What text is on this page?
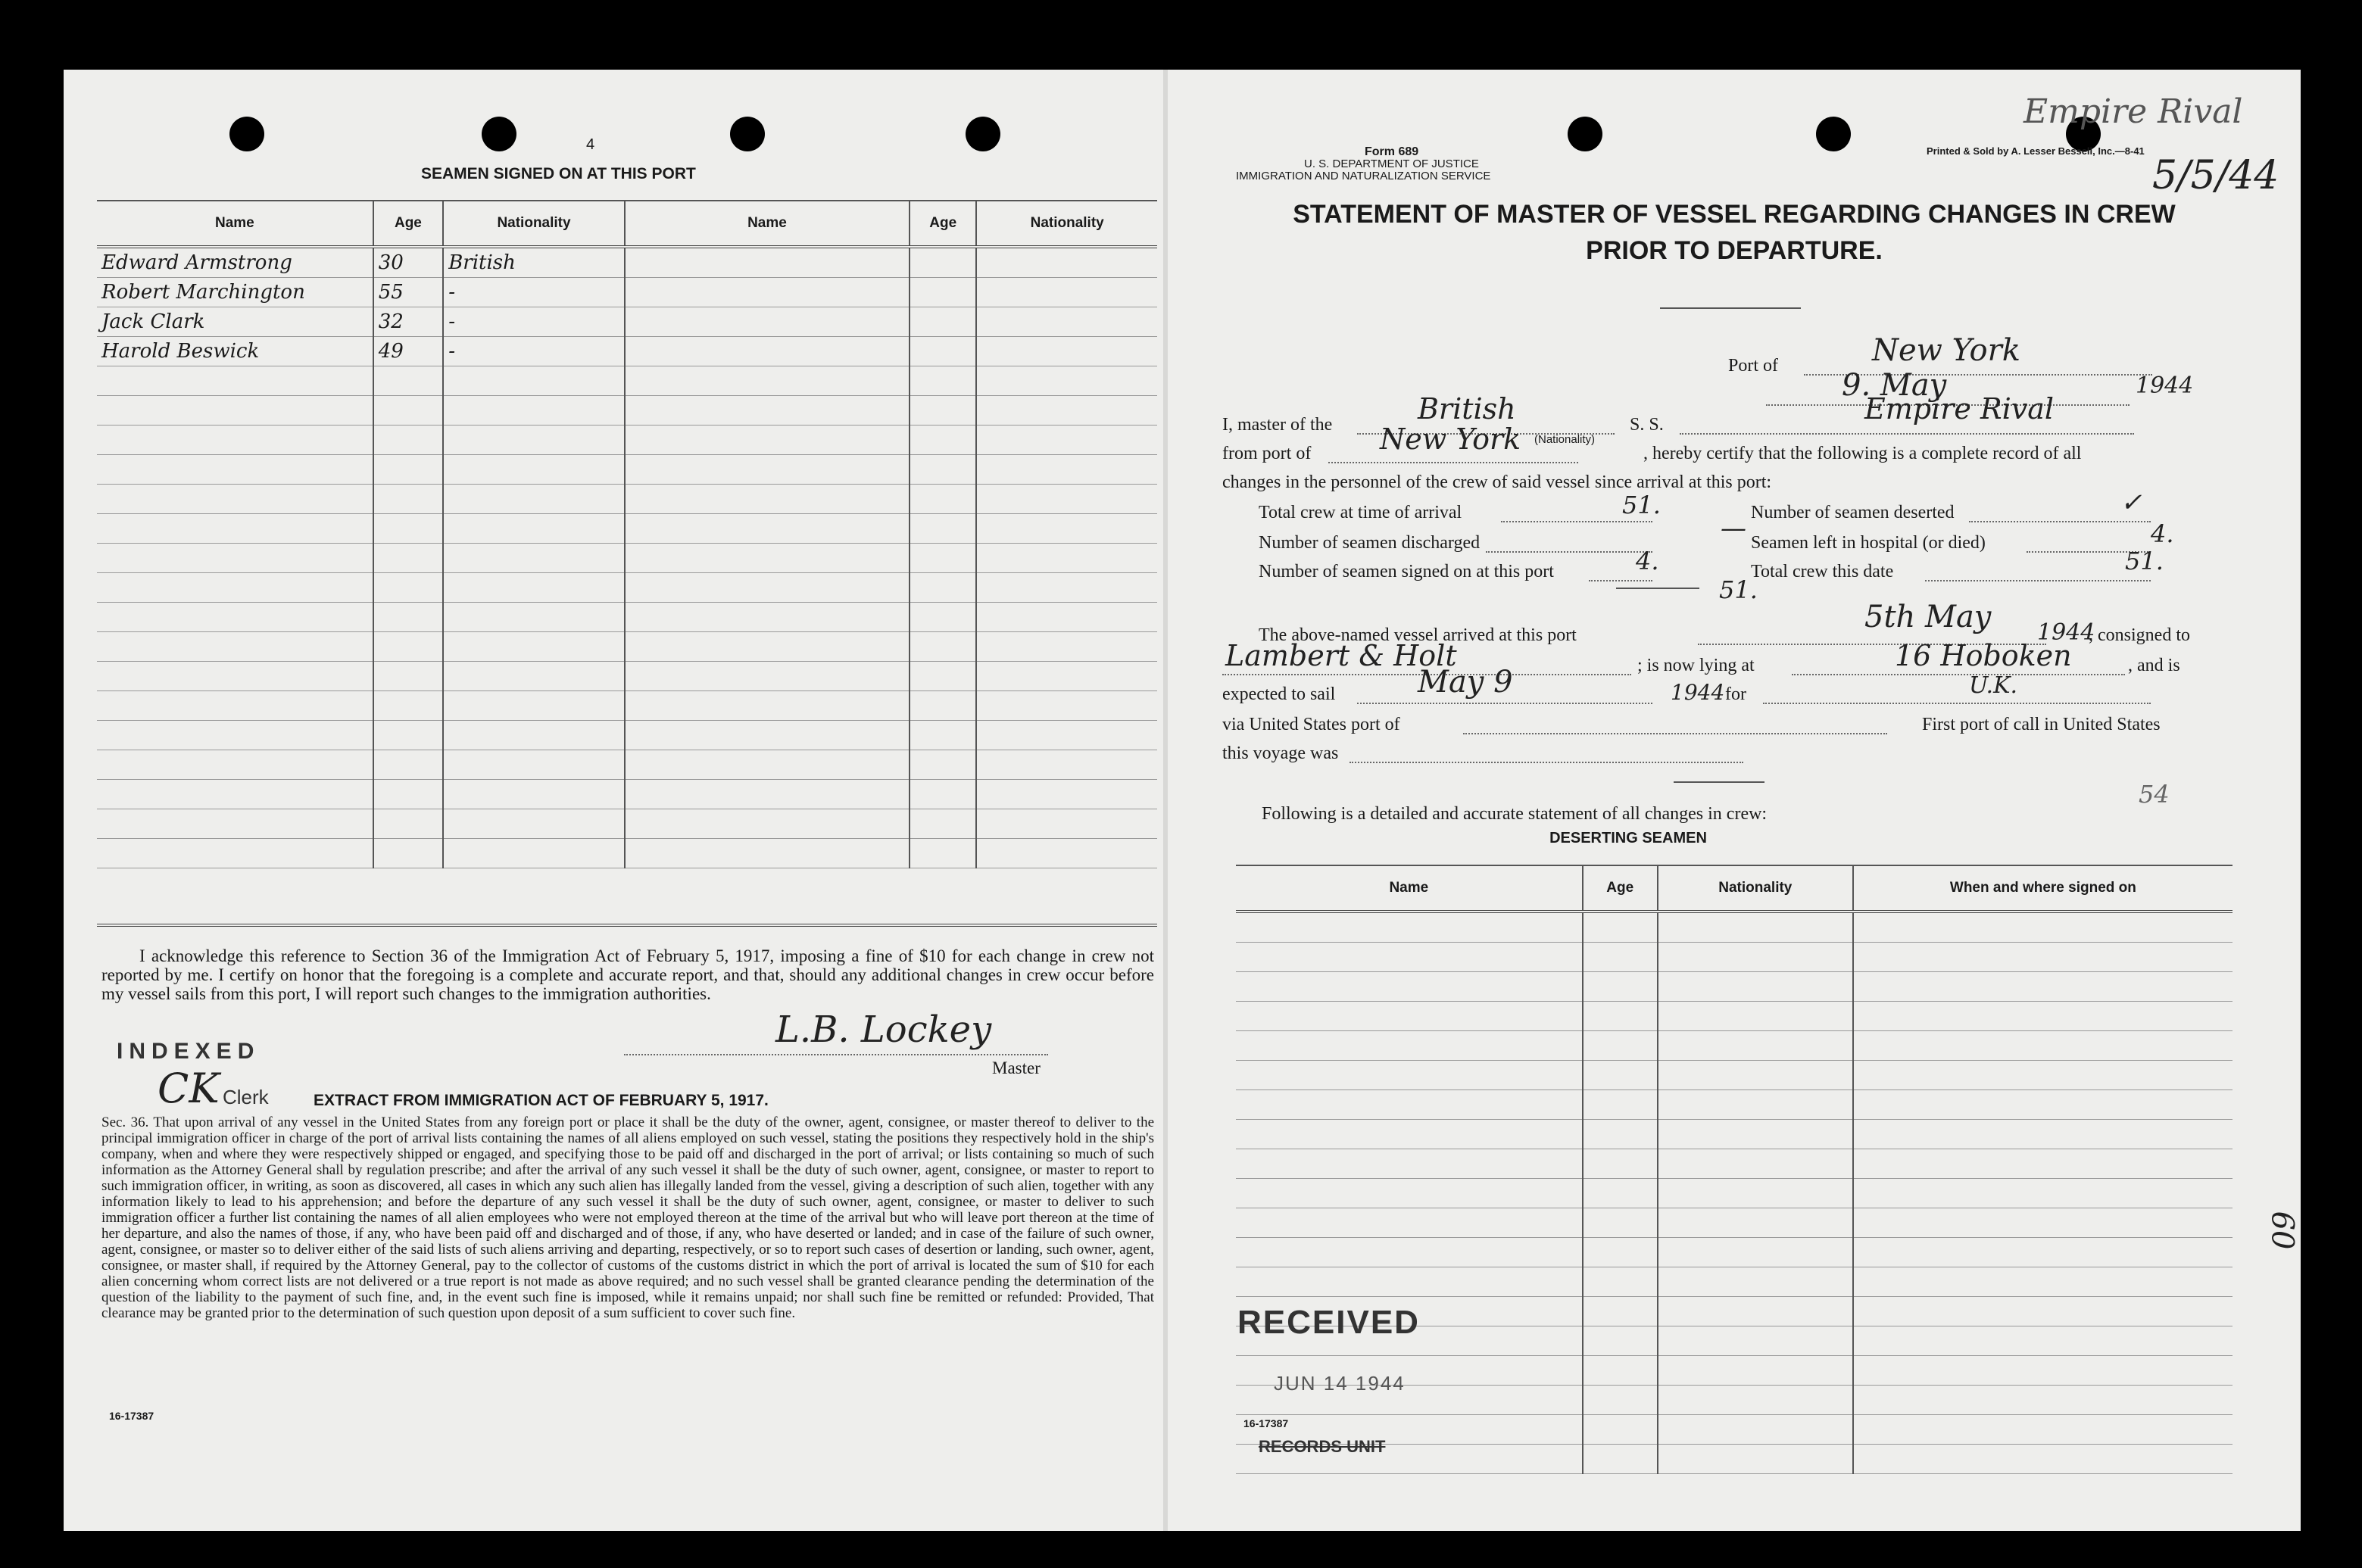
4
SEAMEN SIGNED ON AT THIS PORT
Name	Age	Nationality	Name	Age	Nationality
Edward Armstrong	30	British			
Robert Marchington	55	-			
Jack Clark	32	-			
Harold Beswick	49	-			

I acknowledge this reference to Section 36 of the Immigration Act of February 5, 1917, imposing a fine of $10 for each change in crew not reported by me. I certify on honor that the foregoing is a complete and accurate report, and that, should any additional changes in crew occur before my vessel sails from this port, I will report such changes to the immigration authorities.
L.B. Lockey
Master
INDEXED
CK Clerk	EXTRACT FROM IMMIGRATION ACT OF FEBRUARY 5, 1917.
Sec. 36. That upon arrival of any vessel in the United States from any foreign port or place it shall be the duty of the owner, agent, consignee, or master thereof to deliver to the principal immigration officer in charge of the port of arrival lists containing the names of all aliens employed on such vessel, stating the positions they respectively hold in the ship's company, when and where they were respectively shipped or engaged, and specifying those to be paid off and discharged in the port of arrival; or lists containing so much of such information as the Attorney General shall by regulation prescribe; and after the arrival of any such vessel it shall be the duty of such owner, agent, consignee, or master to report to such immigration officer, in writing, as soon as discovered, all cases in which any such alien has illegally landed from the vessel, giving a description of such alien, together with any information likely to lead to his apprehension; and before the departure of any such vessel it shall be the duty of such owner, agent, consignee, or master to deliver to such immigration officer a further list containing the names of all alien employees who were not employed thereon at the time of the arrival but who will leave port thereon at the time of her departure, and also the names of those, if any, who have been paid off and discharged and of those, if any, who have deserted or landed; and in case of the failure of such owner, agent, consignee, or master so to deliver either of the said lists of such aliens arriving and departing, respectively, or so to report such cases of desertion or landing, such owner, agent, consignee, or master shall, if required by the Attorney General, pay to the collector of customs of the customs district in which the port of arrival is located the sum of $10 for each alien concerning whom correct lists are not delivered or a true report is not made as above required; and no such vessel shall be granted clearance pending the determination of the question of the liability to the payment of such fine, and, in the event such fine is imposed, while it remains unpaid; nor shall such fine be remitted or refunded: Provided, That clearance may be granted prior to the determination of such question upon deposit of a sum sufficient to cover such fine.
16-17387
Empire Rival
5/5/44
Form 689
U. S. DEPARTMENT OF JUSTICE
IMMIGRATION AND NATURALIZATION SERVICE
Printed & Sold by A. Lesser Bessell, Inc.—8-41
STATEMENT OF MASTER OF VESSEL REGARDING CHANGES IN CREW
PRIOR TO DEPARTURE.
Port of	New York
9. May	1944
I, master of the	British
(Nationality)
S. S.	Empire Rival
from port of New York	, hereby certify that the following is a complete record of all
changes in the personnel of the crew of said vessel since arrival at this port:
Total crew at time of arrival	51.	Number of seamen deserted	✓
Number of seamen discharged	— Seamen left in hospital (or died)	4.
Number of seamen signed on at this port	4.	Total crew this date	51.
51.
The above-named vessel arrived at this port
5th May 1944
, consigned to
Lambert & Holt	; is now lying at	16 Hoboken	, and is
expected to sail	May 9	1944 for	U.K.
via United States port of	First port of call in United States
this voyage was
54
Following is a detailed and accurate statement of all changes in crew:
DESERTING SEAMEN
Name	Age	Nationality	When and where signed on

RECEIVED
JUN 14 1944
RECORDS UNIT
60
16-17387
